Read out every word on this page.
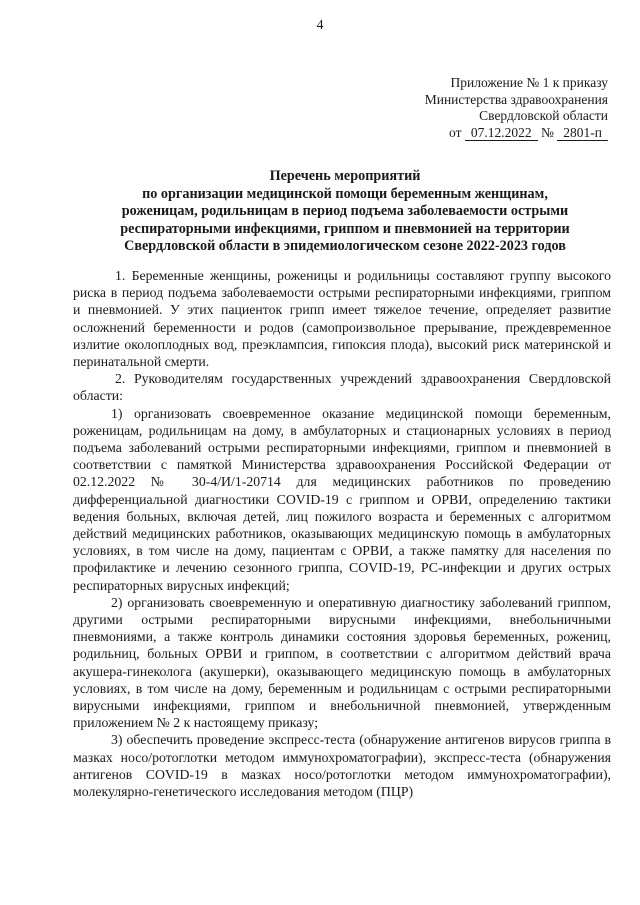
4
Приложение № 1 к приказу
Министерства здравоохранения
Свердловской области
от 07.12.2022 № 2801-п
Перечень мероприятий
по организации медицинской помощи беременным женщинам,
роженицам, родильницам в период подъема заболеваемости острыми
респираторными инфекциями, гриппом и пневмонией на территории
Свердловской области в эпидемиологическом сезоне 2022-2023 годов

1. Беременные женщины, роженицы и родильницы составляют группу высокого риска в период подъема заболеваемости острыми респираторными инфекциями, гриппом и пневмонией. У этих пациенток грипп имеет тяжелое течение, определяет развитие осложнений беременности и родов (самопроизвольное прерывание, преждевременное излитие околоплодных вод, преэклампсия, гипоксия плода), высокий риск материнской и перинатальной смерти.

2. Руководителям государственных учреждений здравоохранения Свердловской области:

1) организовать своевременное оказание медицинской помощи беременным, роженицам, родильницам на дому, в амбулаторных и стационарных условиях в период подъема заболеваний острыми респираторными инфекциями, гриппом и пневмонией в соответствии с памяткой Министерства здравоохранения Российской Федерации от 02.12.2022 № 30-4/И/1-20714 для медицинских работников по проведению дифференциальной диагностики COVID-19 с гриппом и ОРВИ, определению тактики ведения больных, включая детей, лиц пожилого возраста и беременных с алгоритмом действий медицинских работников, оказывающих медицинскую помощь в амбулаторных условиях, в том числе на дому, пациентам с ОРВИ, а также памятку для населения по профилактике и лечению сезонного гриппа, COVID-19, РС-инфекции и других острых респираторных вирусных инфекций;

2) организовать своевременную и оперативную диагностику заболеваний гриппом, другими острыми респираторными вирусными инфекциями, внебольничными пневмониями, а также контроль динамики состояния здоровья беременных, рожениц, родильниц, больных ОРВИ и гриппом, в соответствии с алгоритмом действий врача акушера-гинеколога (акушерки), оказывающего медицинскую помощь в амбулаторных условиях, в том числе на дому, беременным и родильницам с острыми респираторными вирусными инфекциями, гриппом и внебольничной пневмонией, утвержденным приложением № 2 к настоящему приказу;

3) обеспечить проведение экспресс-теста (обнаружение антигенов вирусов гриппа в мазках носо/ротоглотки методом иммунохроматографии), экспресс-теста (обнаружения антигенов COVID-19 в мазках носо/ротоглотки методом иммунохроматографии), молекулярно-генетического исследования методом (ПЦР)
